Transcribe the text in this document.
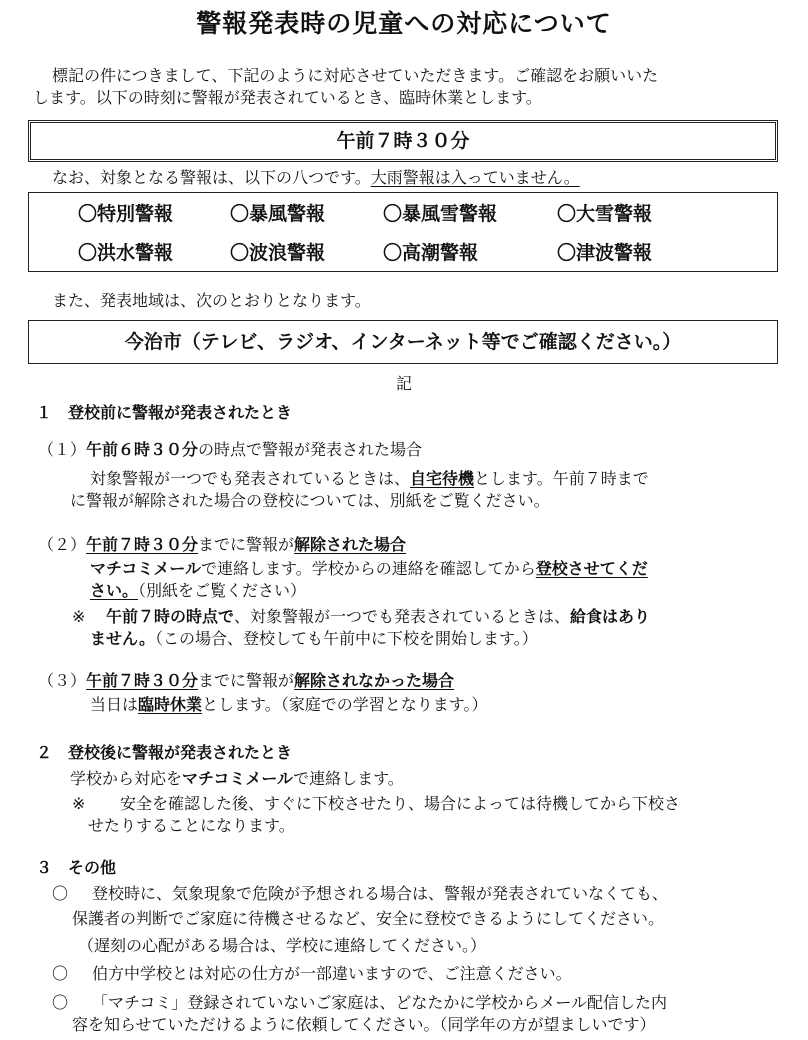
警報発表時の児童への対応について
標記の件につきまして、下記のように対応させていただきます。ご確認をお願いいた
します。以下の時刻に警報が発表されているとき、臨時休業とします。
午前７時３０分
なお、対象となる警報は、以下の八つです。大雨警報は入っていません。
〇特別警報	〇暴風警報	〇暴風雪警報	〇大雪警報
〇洪水警報	〇波浪警報	〇高潮警報	〇津波警報
また、発表地域は、次のとおりとなります。
今治市（テレビ、ラジオ、インターネット等でご確認ください。）
記
１　登校前に警報が発表されたとき
（１）午前６時３０分の時点で警報が発表された場合
対象警報が一つでも発表されているときは、自宅待機とします。午前７時まで
に警報が解除された場合の登校については、別紙をご覧ください。
（２）午前７時３０分までに警報が解除された場合
マチコミメールで連絡します。学校からの連絡を確認してから登校させてくだ
さい。（別紙をご覧ください）
※ 午前７時の時点で、対象警報が一つでも発表されているときは、給食はあり
ません。（この場合、登校しても午前中に下校を開始します。）
（３）午前７時３０分までに警報が解除されなかった場合
当日は臨時休業とします。（家庭での学習となります。）
２　登校後に警報が発表されたとき
学校から対応をマチコミメールで連絡します。
※ 安全を確認した後、すぐに下校させたり、場合によっては待機してから下校さ
せたりすることになります。
３　その他
〇 登校時に、気象現象で危険が予想される場合は、警報が発表されていなくても、
保護者の判断でご家庭に待機させるなど、安全に登校できるようにしてください。
（遅刻の心配がある場合は、学校に連絡してください。）
〇 伯方中学校とは対応の仕方が一部違いますので、ご注意ください。
〇 「マチコミ」登録されていないご家庭は、どなたかに学校からメール配信した内
容を知らせていただけるように依頼してください。（同学年の方が望ましいです）
